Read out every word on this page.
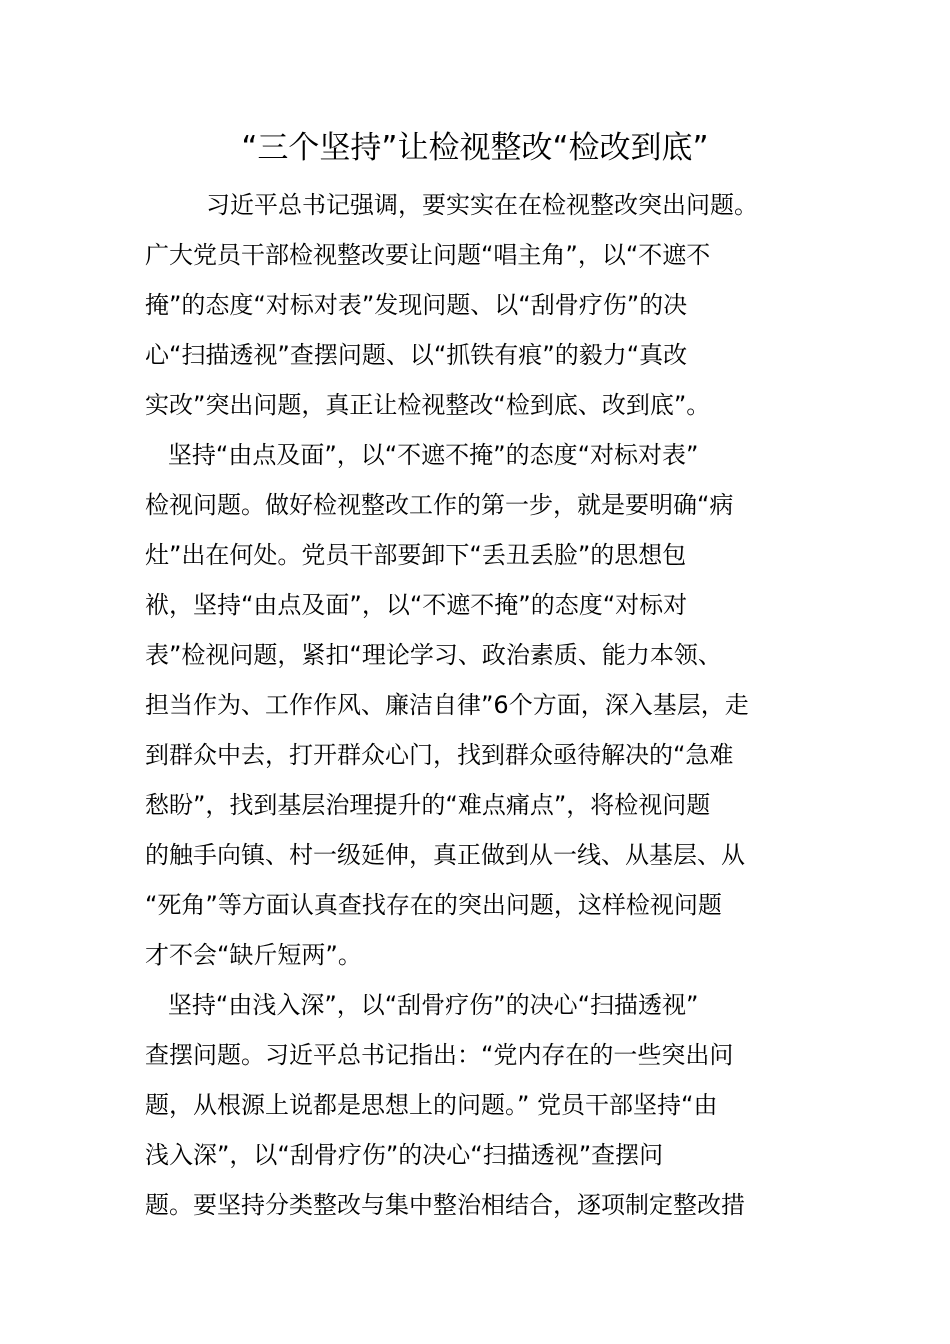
“三个坚持”让检视整改“检改到底”
习近平总书记强调，要实实在在检视整改突出问题。
广大党员干部检视整改要让问题“唱主角”，以“不遮不
掩”的态度“对标对表”发现问题、以“刮骨疗伤”的决
心“扫描透视”查摆问题、以“抓铁有痕”的毅力“真改
实改”突出问题，真正让检视整改“检到底、改到底”。
坚持“由点及面”，以“不遮不掩”的态度“对标对表”
检视问题。做好检视整改工作的第一步，就是要明确“病
灶”出在何处。党员干部要卸下“丢丑丢脸”的思想包
袱，坚持“由点及面”，以“不遮不掩”的态度“对标对
表”检视问题，紧扣“理论学习、政治素质、能力本领、
担当作为、工作作风、廉洁自律”6个方面，深入基层，走
到群众中去，打开群众心门，找到群众亟待解决的“急难
愁盼”，找到基层治理提升的“难点痛点”，将检视问题
的触手向镇、村一级延伸，真正做到从一线、从基层、从
“死角”等方面认真查找存在的突出问题，这样检视问题
才不会“缺斤短两”。
坚持“由浅入深”，以“刮骨疗伤”的决心“扫描透视”
查摆问题。习近平总书记指出：“党内存在的一些突出问
题，从根源上说都是思想上的问题。” 党员干部坚持“由
浅入深”，以“刮骨疗伤”的决心“扫描透视”查摆问
题。要坚持分类整改与集中整治相结合，逐项制定整改措
